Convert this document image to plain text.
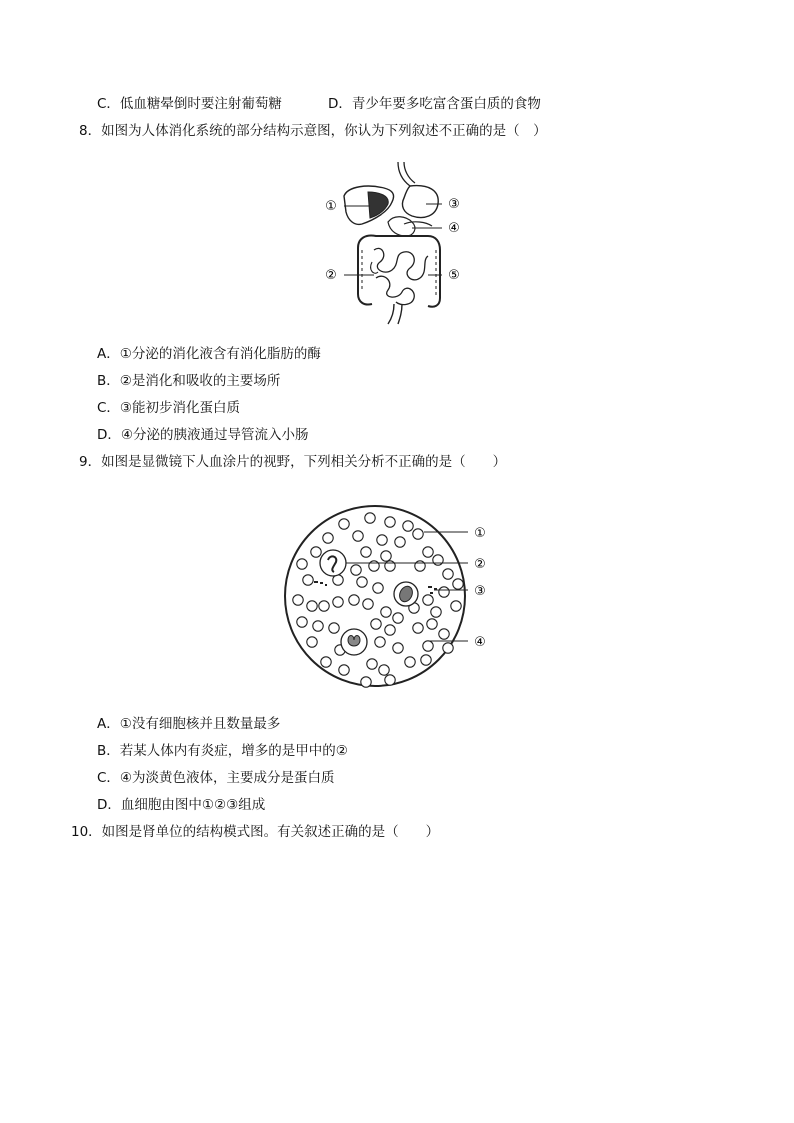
C．低血糖晕倒时要注射葡萄糖	D．青少年要多吃富含蛋白质的食物
8．如图为人体消化系统的部分结构示意图，你认为下列叙述不正确的是（　）
①
②
③
④
⑤
A．①分泌的消化液含有消化脂肪的酶
B．②是消化和吸收的主要场所
C．③能初步消化蛋白质
D．④分泌的胰液通过导管流入小肠
9．如图是显微镜下人血涂片的视野，下列相关分析不正确的是（　　）
①
②
③
④
A．①没有细胞核并且数量最多
B．若某人体内有炎症，增多的是甲中的②
C．④为淡黄色液体，主要成分是蛋白质
D．血细胞由图中①②③组成
10．如图是肾单位的结构模式图。有关叙述正确的是（　　）
